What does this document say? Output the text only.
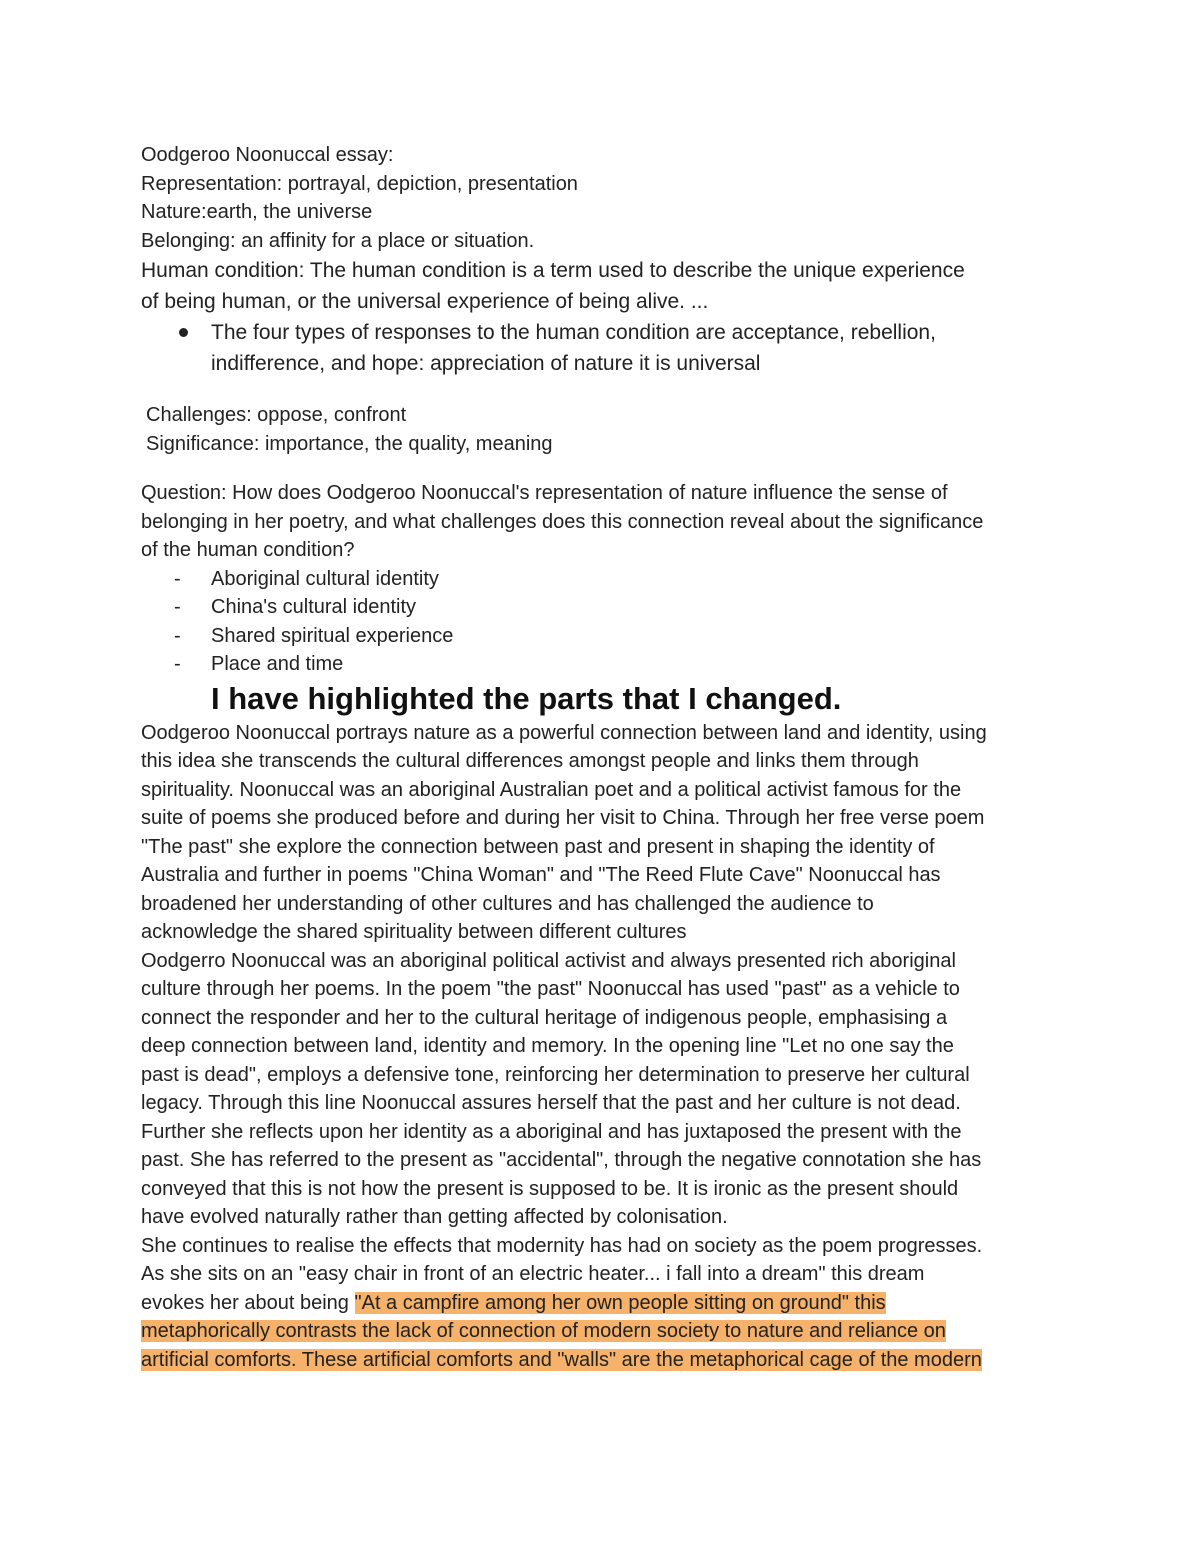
Oodgeroo Noonuccal essay:
Representation: portrayal, depiction, presentation
Nature:earth, the universe
Belonging: an affinity for a place or situation.
Human condition: The human condition is a term used to describe the unique experience
of being human, or the universal experience of being alive. ...
The four types of responses to the human condition are acceptance, rebellion,
indifference, and hope: appreciation of nature it is universal
Challenges: oppose, confront
Significance: importance, the quality, meaning
Question: How does Oodgeroo Noonuccal's representation of nature influence the sense of
belonging in her poetry, and what challenges does this connection reveal about the significance
of the human condition?
- Aboriginal cultural identity
- China's cultural identity
- Shared spiritual experience
- Place and time
I have highlighted the parts that I changed.
Oodgeroo Noonuccal portrays nature as a powerful connection between land and identity, using
this idea she transcends the cultural differences amongst people and links them through
spirituality. Noonuccal was an aboriginal Australian poet and a political activist famous for the
suite of poems she produced before and during her visit to China. Through her free verse poem
"The past" she explore the connection between past and present in shaping the identity of
Australia and further in poems "China Woman" and "The Reed Flute Cave" Noonuccal has
broadened her understanding of other cultures and has challenged the audience to
acknowledge the shared spirituality between different cultures
Oodgerro Noonuccal was an aboriginal political activist and always presented rich aboriginal
culture through her poems. In the poem "the past" Noonuccal has used "past" as a vehicle to
connect the responder and her to the cultural heritage of indigenous people, emphasising a
deep connection between land, identity and memory. In the opening line "Let no one say the
past is dead", employs a defensive tone, reinforcing her determination to preserve her cultural
legacy. Through this line Noonuccal assures herself that the past and her culture is not dead.
Further she reflects upon her identity as a aboriginal and has juxtaposed the present with the
past. She has referred to the present as "accidental", through the negative connotation she has
conveyed that this is not how the present is supposed to be. It is ironic as the present should
have evolved naturally rather than getting affected by colonisation.
She continues to realise the effects that modernity has had on society as the poem progresses.
As she sits on an "easy chair in front of an electric heater... i fall into a dream" this dream
evokes her about being "At a campfire among her own people sitting on ground" this
metaphorically contrasts the lack of connection of modern society to nature and reliance on
artificial comforts. These artificial comforts and "walls" are the metaphorical cage of the modern
